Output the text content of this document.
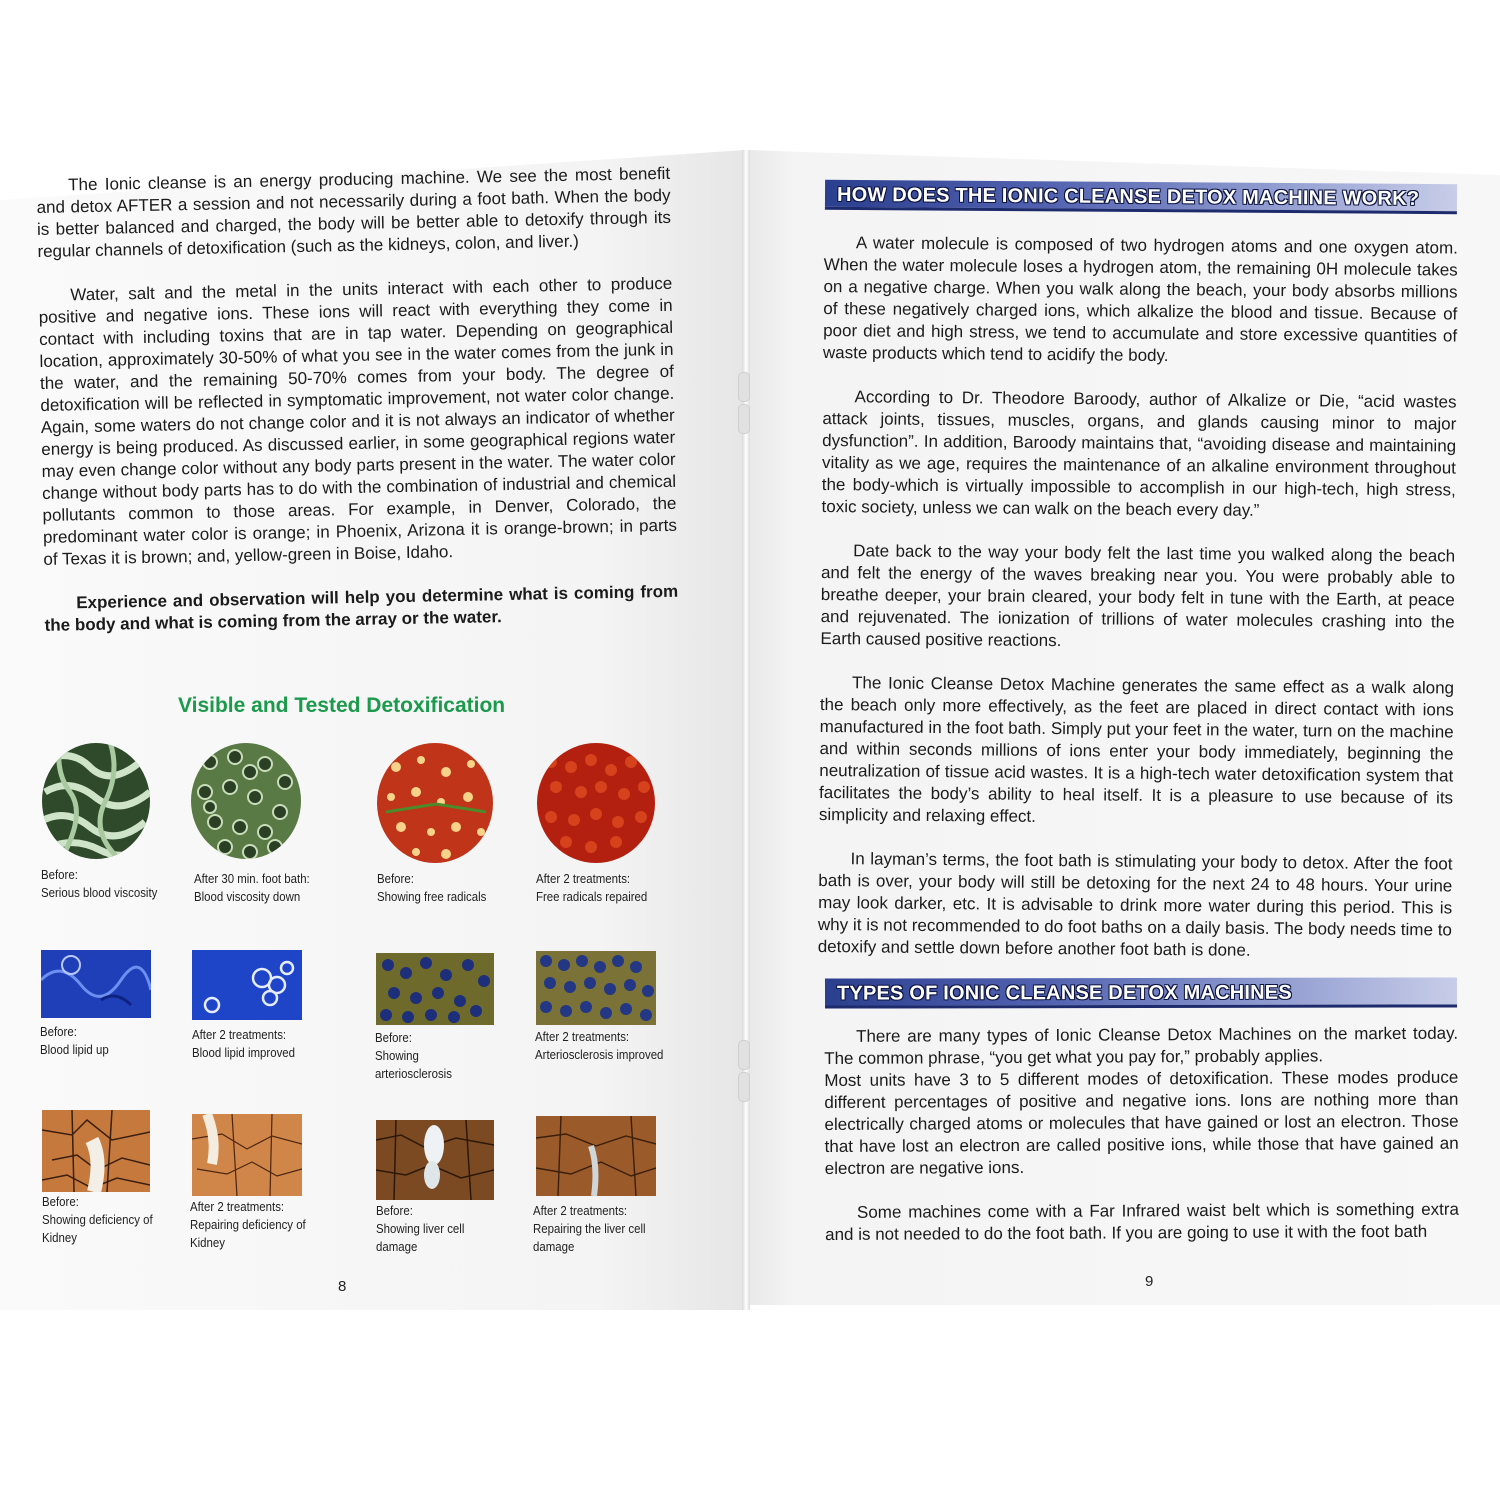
The Ionic cleanse is an energy producing machine. We see the most benefit and detox AFTER a session and not necessarily during a foot bath. When the body is better balanced and charged, the body will be better able to detoxify through its regular channels of detoxification (such as the kidneys, colon, and liver.)

Water, salt and the metal in the units interact with each other to produce positive and negative ions. These ions will react with everything they come in contact with including toxins that are in tap water. Depending on geographical location, approximately 30-50% of what you see in the water comes from the junk in the water, and the remaining 50-70% comes from your body. The degree of detoxification will be reflected in symptomatic improvement, not water color change. Again, some waters do not change color and it is not always an indicator of whether energy is being produced. As discussed earlier, in some geographical regions water may even change color without any body parts present in the water. The water color change without body parts has to do with the combination of industrial and chemical pollutants common to those areas. For example, in Denver, Colorado, the predominant water color is orange; in Phoenix, Arizona it is orange-brown; in parts of Texas it is brown; and, yellow-green in Boise, Idaho.

Experience and observation will help you determine what is coming from the body and what is coming from the array or the water.

Visible and Tested Detoxification
Before:
Serious blood viscosity
After 30 min. foot bath:
Blood viscosity down
Before:
Showing free radicals
After 2 treatments:
Free radicals repaired
Before:
Blood lipid up
After 2 treatments:
Blood lipid improved
Before:
Showing
arteriosclerosis
After 2 treatments:
Arteriosclerosis improved
Before:
Showing deficiency of
Kidney
After 2 treatments:
Repairing deficiency of
Kidney
Before:
Showing liver cell
damage
After 2 treatments:
Repairing the liver cell
damage
8
HOW DOES THE IONIC CLEANSE DETOX MACHINE WORK?

A water molecule is composed of two hydrogen atoms and one oxygen atom. When the water molecule loses a hydrogen atom, the remaining 0H molecule takes on a negative charge. When you walk along the beach, your body absorbs millions of these negatively charged ions, which alkalize the blood and tissue. Because of poor diet and high stress, we tend to accumulate and store excessive quantities of waste products which tend to acidify the body.

According to Dr. Theodore Baroody, author of Alkalize or Die, “acid wastes attack joints, tissues, muscles, organs, and glands causing minor to major dysfunction”. In addition, Baroody maintains that, “avoiding disease and maintaining vitality as we age, requires the maintenance of an alkaline environment throughout the body-which is virtually impossible to accomplish in our high-tech, high stress, toxic society, unless we can walk on the beach every day.”

Date back to the way your body felt the last time you walked along the beach and felt the energy of the waves breaking near you. You were probably able to breathe deeper, your brain cleared, your body felt in tune with the Earth, at peace and rejuvenated. The ionization of trillions of water molecules crashing into the Earth caused positive reactions.

The Ionic Cleanse Detox Machine generates the same effect as a walk along the beach only more effectively, as the feet are placed in direct contact with ions manufactured in the foot bath. Simply put your feet in the water, turn on the machine and within seconds millions of ions enter your body immediately, beginning the neutralization of tissue acid wastes. It is a high-tech water detoxification system that facilitates the body’s ability to heal itself. It is a pleasure to use because of its simplicity and relaxing effect.

In layman’s terms, the foot bath is stimulating your body to detox. After the foot bath is over, your body will still be detoxing for the next 24 to 48 hours. Your urine may look darker, etc. It is advisable to drink more water during this period. This is why it is not recommended to do foot baths on a daily basis. The body needs time to detoxify and settle down before another foot bath is done.

TYPES OF IONIC CLEANSE DETOX MACHINES

There are many types of Ionic Cleanse Detox Machines on the market today. The common phrase, “you get what you pay for,” probably applies.

Most units have 3 to 5 different modes of detoxification. These modes produce different percentages of positive and negative ions. Ions are nothing more than electrically charged atoms or molecules that have gained or lost an electron. Those that have lost an electron are called positive ions, while those that have gained an electron are negative ions.

Some machines come with a Far Infrared waist belt which is something extra and is not needed to do the foot bath. If you are going to use it with the foot bath

9
